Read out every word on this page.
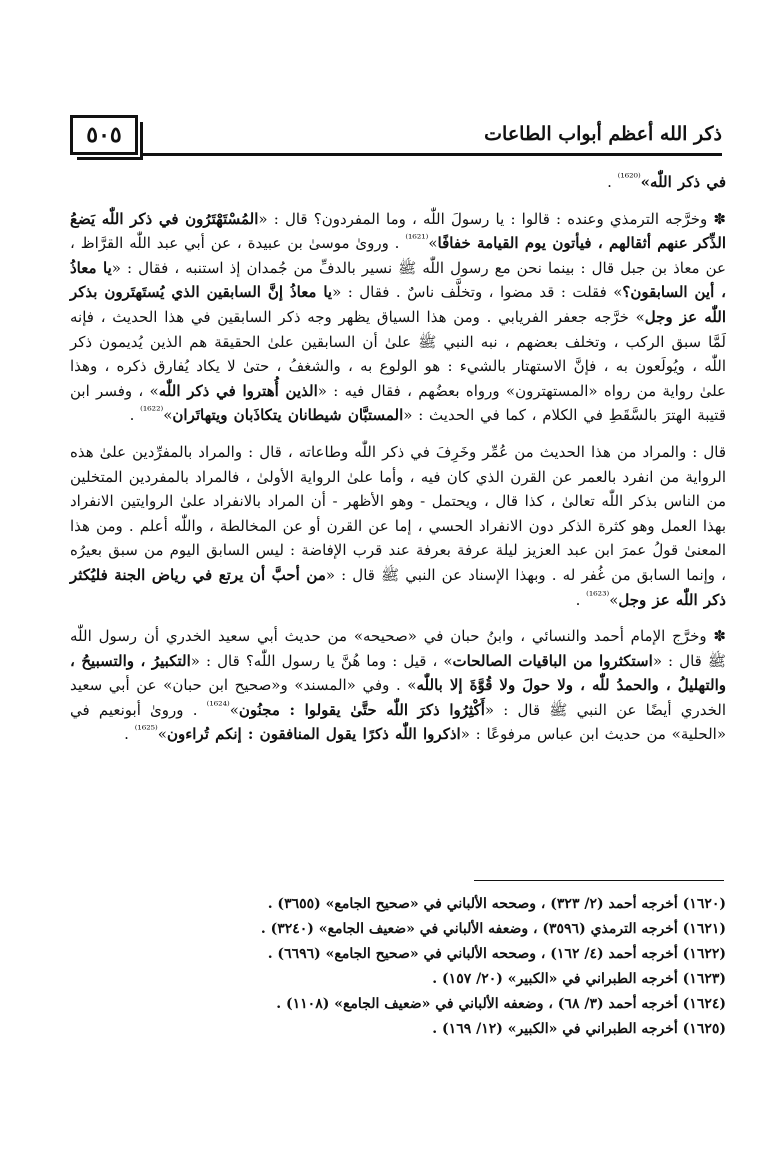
ذكر الله أعظم أبواب الطاعات
٥٠٥

في ذكر اللّٰه»$^{^{(1620)}}$ .

✽ وخرَّجه الترمذي وعنده : قالوا : يا رسولَ اللّٰه ، وما المفردون؟ قال : «المُسْتَهْتَرُون في ذكر اللّٰه يَضعُ الذِّكر عنهم أثقالهم ، فيأتون يوم القيامة خفافًا»$^{^{(1621)}}$ . وروىٰ موسىٰ بن عبيدة ، عن أبي عبد اللّٰه القرَّاظ ، عن معاذ بن جبل قال : بينما نحن مع رسول اللّٰه ﷺ نسير بالدفِّ من جُمدان إذ استنبه ، فقال : «يا معاذُ ، أين السابقون؟» فقلت : قد مضوا ، وتخلَّف ناسٌ . فقال : «يا معاذُ إنَّ السابقين الذي يُستَهتَرون بذكر اللّٰه عز وجل» خرَّجه جعفر الفريابي . ومن هذا السياق يظهر وجه ذكر السابقين في هذا الحديث ، فإنه لَمَّا سبق الركب ، وتخلف بعضهم ، نبه النبي ﷺ علىٰ أن السابقين علىٰ الحقيقة هم الذين يُديمون ذكر اللّٰه ، ويُولَعون به ، فإنَّ الاستهتار بالشيء : هو الولوع به ، والشغفُ ، حتىٰ لا يكاد يُفارق ذكره ، وهذا علىٰ رواية من رواه «المستهترون» ورواه بعضُهم ، فقال فيه : «الذين أُهتروا في ذكر اللّٰه» ، وفسر ابن قتيبة الهترَ بالسَّقَطِ في الكلام ، كما في الحديث : «المستبَّان شيطانان يتكاذَبان ويتهاتَران»$^{^{(1622)}}$ .

قال : والمراد من هذا الحديث من عُمِّر وخَرِفَ في ذكر اللّٰه وطاعاته ، قال : والمراد بالمفرِّدين علىٰ هذه الرواية من انفرد بالعمر عن القرن الذي كان فيه ، وأما علىٰ الرواية الأولىٰ ، فالمراد بالمفردين المتخلين من الناس بذكر اللّٰه تعالىٰ ، كذا قال ، ويحتمل - وهو الأظهر - أن المراد بالانفراد علىٰ الروايتين الانفراد بهذا العمل وهو كثرة الذكر دون الانفراد الحسي ، إما عن القرن أو عن المخالطة ، واللّٰه أعلم . ومن هذا المعنىٰ قولُ عمرَ ابن عبد العزيز ليلة عرفة بعرفة عند قرب الإفاضة : ليس السابق اليوم من سبق بعيرُه ، وإنما السابق من غُفر له . وبهذا الإسناد عن النبي ﷺ قال : «من أحبَّ أن يرتع في رياض الجنة فليُكثر ذكر اللّٰه عز وجل»$^{^{(1623)}}$ .

✽ وخرَّج الإمام أحمد والنسائي ، وابنُ حبان في «صحيحه» من حديث أبي سعيد الخدري أن رسول اللّٰه ﷺ قال : «استكثروا من الباقيات الصالحات» ، قيل : وما هُنَّ يا رسول اللّٰه؟ قال : «التكبيرُ ، والتسبيحُ ، والتهليلُ ، والحمدُ للّٰه ، ولا حولَ ولا قُوَّةَ إلا باللّٰه» . وفي «المسند» و«صحيح ابن حبان» عن أبي سعيد الخدري أيضًا عن النبي ﷺ قال : «أَكْثِرُوا ذكرَ اللّٰه حتَّىٰ يقولوا : مجنُون»$^{^{(1624)}}$ . وروىٰ أبونعيم في «الحلية» من حديث ابن عباس مرفوعًا : «اذكروا اللّٰه ذكرًا يقول المنافقون : إنكم تُراءون»$^{^{(1625)}}$ .

(١٦٢٠) أخرجه أحمد (٢/ ٣٢٣) ، وصححه الألباني في «صحيح الجامع» (٣٦٥٥) .

(١٦٢١) أخرجه الترمذي (٣٥٩٦) ، وضعفه الألباني في «ضعيف الجامع» (٣٢٤٠) .

(١٦٢٢) أخرجه أحمد (٤/ ١٦٢) ، وصححه الألباني في «صحيح الجامع» (٦٦٩٦) .

(١٦٢٣) أخرجه الطبراني في «الكبير» (٢٠/ ١٥٧) .

(١٦٢٤) أخرجه أحمد (٣/ ٦٨) ، وضعفه الألباني في «ضعيف الجامع» (١١٠٨) .

(١٦٢٥) أخرجه الطبراني في «الكبير» (١٢/ ١٦٩) .
